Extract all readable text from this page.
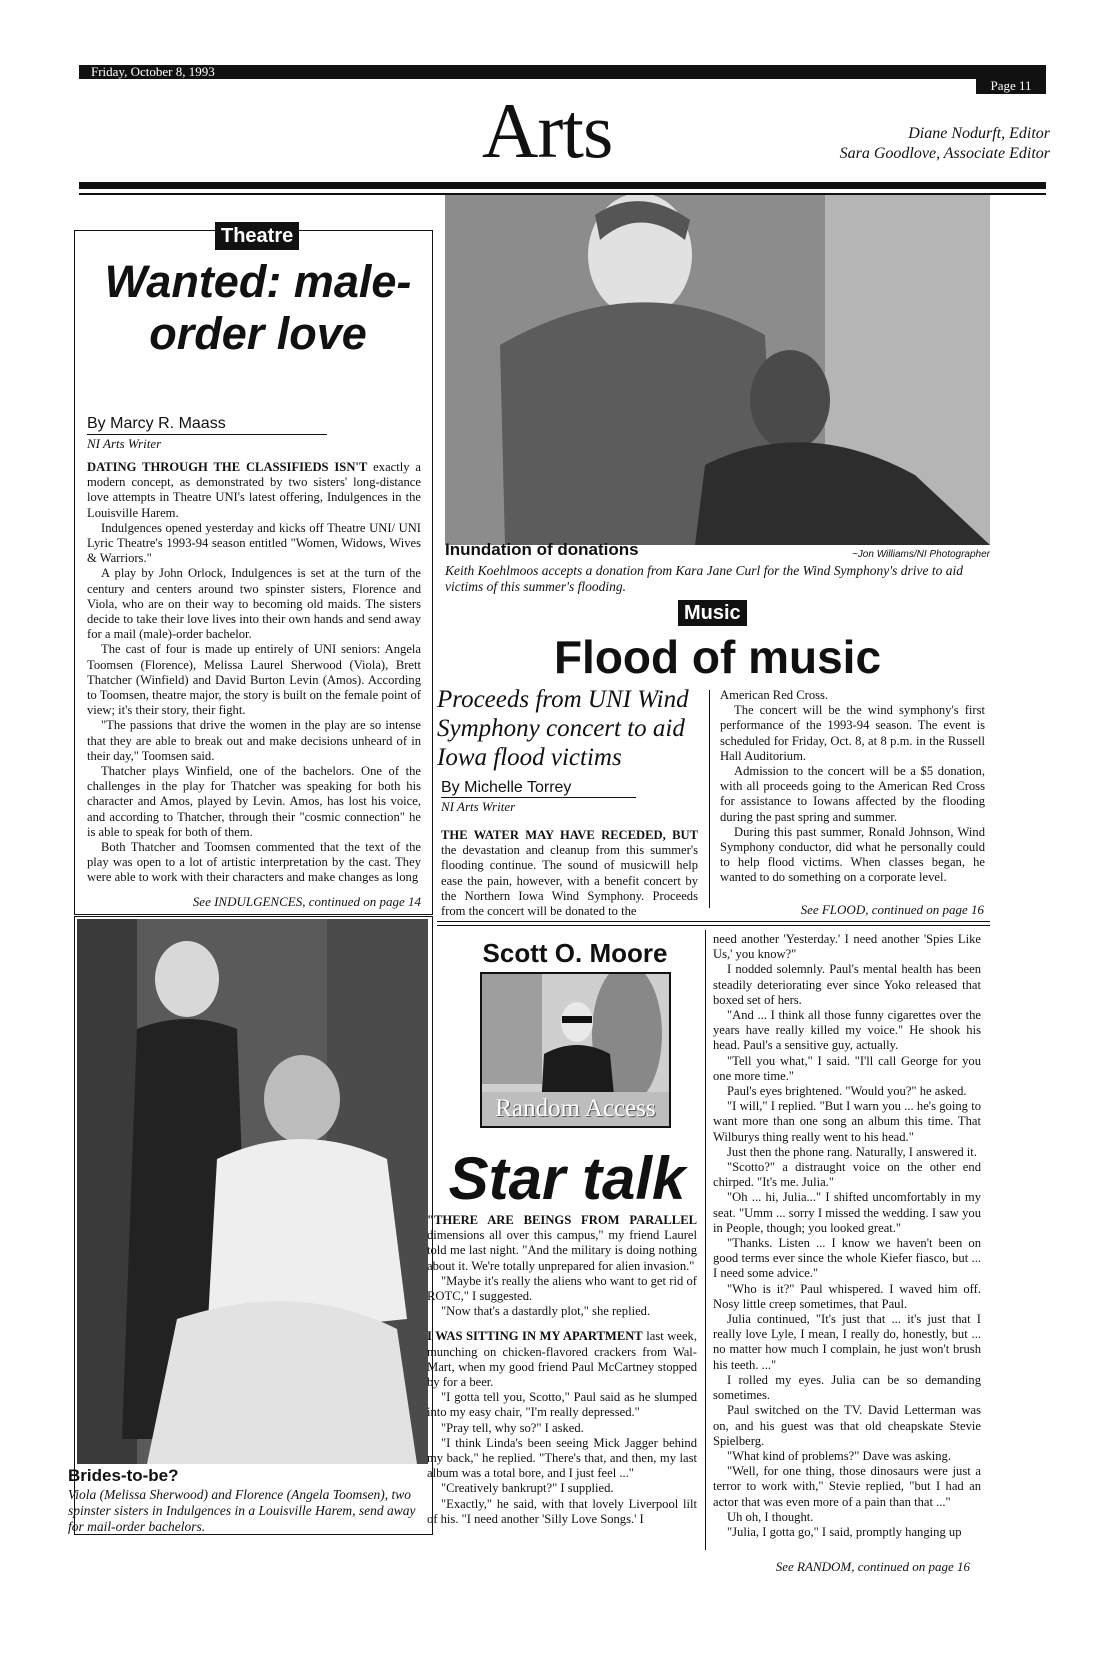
Friday, October 8, 1993
Page 11
Arts	Diane Nodurft, Editor
Sara Goodlove, Associate Editor
Theatre
Wanted: male-
order love
By Marcy R. Maass
NI Arts Writer

DATING THROUGH THE CLASSIFIEDS ISN'T exactly a modern concept, as demonstrated by two sisters' long-distance love attempts in Theatre UNI's latest offering, Indulgences in the Louisville Harem.

Indulgences opened yesterday and kicks off Theatre UNI/ UNI Lyric Theatre's 1993-94 season entitled "Women, Widows, Wives & Warriors."

A play by John Orlock, Indulgences is set at the turn of the century and centers around two spinster sisters, Florence and Viola, who are on their way to becoming old maids. The sisters decide to take their love lives into their own hands and send away for a mail (male)-order bachelor.

The cast of four is made up entirely of UNI seniors: Angela Toomsen (Florence), Melissa Laurel Sherwood (Viola), Brett Thatcher (Winfield) and David Burton Levin (Amos). According to Toomsen, theatre major, the story is built on the female point of view; it's their story, their fight.

"The passions that drive the women in the play are so intense that they are able to break out and make decisions unheard of in their day," Toomsen said.

Thatcher plays Winfield, one of the bachelors. One of the challenges in the play for Thatcher was speaking for both his character and Amos, played by Levin. Amos, has lost his voice, and according to Thatcher, through their "cosmic connection" he is able to speak for both of them.

Both Thatcher and Toomsen commented that the text of the play was open to a lot of artistic interpretation by the cast. They were able to work with their characters and make changes as long

See INDULGENCES, continued on page 14
Brides-to-be?
Viola (Melissa Sherwood) and Florence (Angela Toomsen), two spinster sisters in Indulgences in a Louisville Harem, send away for mail-order bachelors.
Inundation of donations	~Jon Williams/NI Photographer
Keith Koehlmoos accepts a donation from Kara Jane Curl for the Wind Symphony's drive to aid victims of this summer's flooding.
Music
Flood of music
Proceeds from UNI Wind Symphony concert to aid Iowa flood victims
By Michelle Torrey
NI Arts Writer

THE WATER MAY HAVE RECEDED, BUT the devastation and cleanup from this summer's flooding continue. The sound of musicwill help ease the pain, however, with a benefit concert by the Northern Iowa Wind Symphony. Proceeds from the concert will be donated to the

American Red Cross.

The concert will be the wind symphony's first performance of the 1993-94 season. The event is scheduled for Friday, Oct. 8, at 8 p.m. in the Russell Hall Auditorium.

Admission to the concert will be a $5 donation, with all proceeds going to the American Red Cross for assistance to Iowans affected by the flooding during the past spring and summer.

During this past summer, Ronald Johnson, Wind Symphony conductor, did what he personally could to help flood victims. When classes began, he wanted to do something on a corporate level.

See FLOOD, continued on page 16
Scott O. Moore
Random Access
Star talk

"THERE ARE BEINGS FROM PARALLEL dimensions all over this campus," my friend Laurel told me last night. "And the military is doing nothing about it. We're totally unprepared for alien invasion."

"Maybe it's really the aliens who want to get rid of ROTC," I suggested.

"Now that's a dastardly plot," she replied.

I WAS SITTING IN MY APARTMENT last week, munching on chicken-flavored crackers from Wal-Mart, when my good friend Paul McCartney stopped by for a beer.

"I gotta tell you, Scotto," Paul said as he slumped into my easy chair, "I'm really depressed."

"Pray tell, why so?" I asked.

"I think Linda's been seeing Mick Jagger behind my back," he replied. "There's that, and then, my last album was a total bore, and I just feel ..."

"Creatively bankrupt?" I supplied.

"Exactly," he said, with that lovely Liverpool lilt of his. "I need another 'Silly Love Songs.' I

need another 'Yesterday.' I need another 'Spies Like Us,' you know?"

I nodded solemnly. Paul's mental health has been steadily deteriorating ever since Yoko released that boxed set of hers.

"And ... I think all those funny cigarettes over the years have really killed my voice." He shook his head. Paul's a sensitive guy, actually.

"Tell you what," I said. "I'll call George for you one more time."

Paul's eyes brightened. "Would you?" he asked.

"I will," I replied. "But I warn you ... he's going to want more than one song an album this time. That Wilburys thing really went to his head."

Just then the phone rang. Naturally, I answered it.

"Scotto?" a distraught voice on the other end chirped. "It's me. Julia."

"Oh ... hi, Julia..." I shifted uncomfortably in my seat. "Umm ... sorry I missed the wedding. I saw you in People, though; you looked great."

"Thanks. Listen ... I know we haven't been on good terms ever since the whole Kiefer fiasco, but ... I need some advice."

"Who is it?" Paul whispered. I waved him off. Nosy little creep sometimes, that Paul.

Julia continued, "It's just that ... it's just that I really love Lyle, I mean, I really do, honestly, but ... no matter how much I complain, he just won't brush his teeth. ..."

I rolled my eyes. Julia can be so demanding sometimes.

Paul switched on the TV. David Letterman was on, and his guest was that old cheapskate Stevie Spielberg.

"What kind of problems?" Dave was asking.

"Well, for one thing, those dinosaurs were just a terror to work with," Stevie replied, "but I had an actor that was even more of a pain than that ..."

Uh oh, I thought.

"Julia, I gotta go," I said, promptly hanging up

See RANDOM, continued on page 16
